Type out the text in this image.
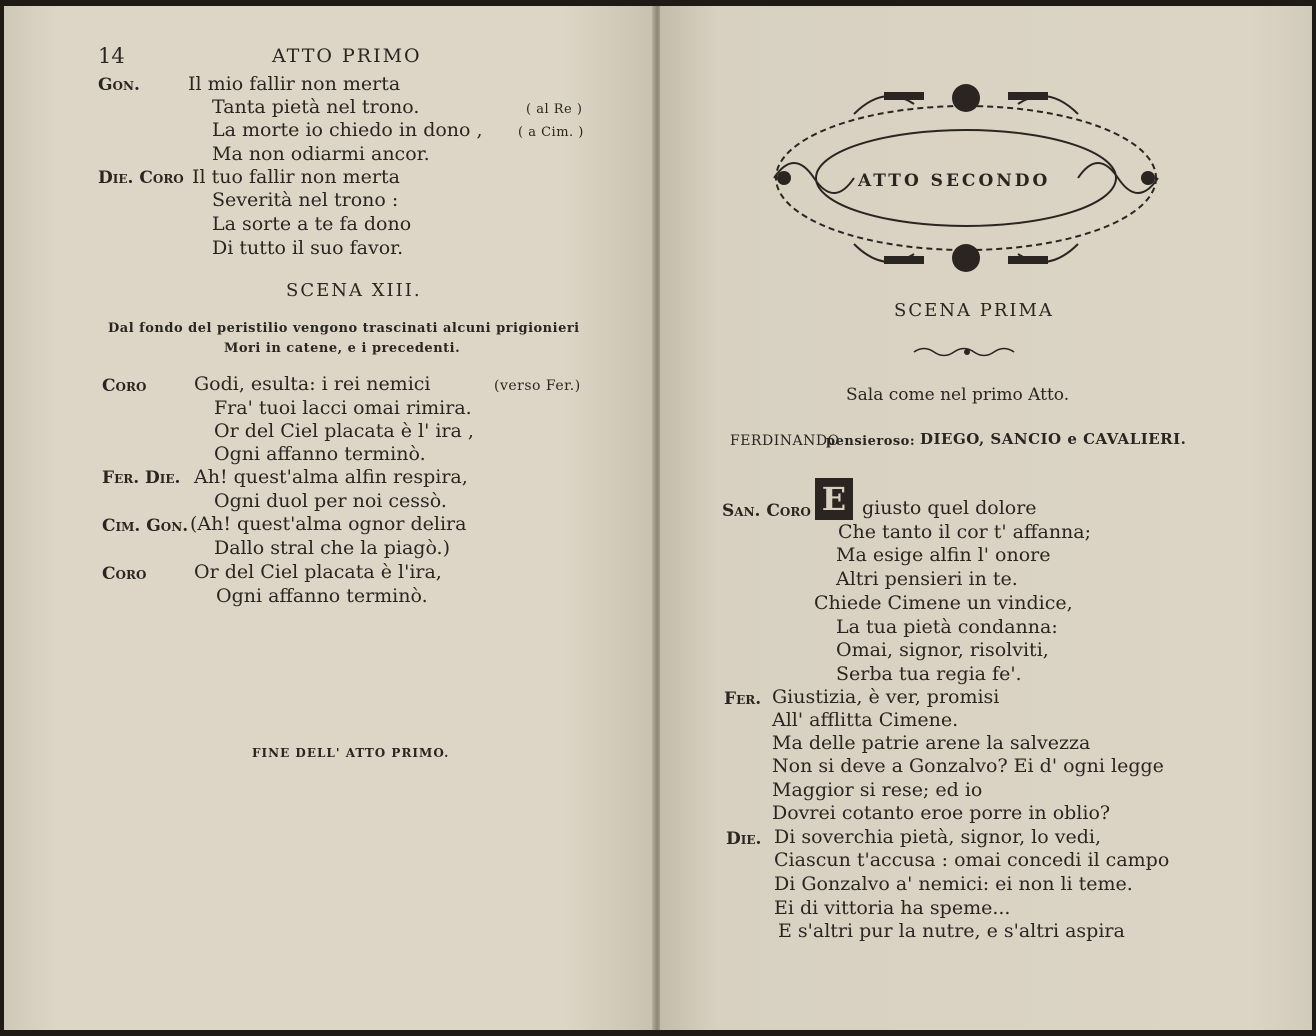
14	ATTO PRIMO
Gon.	Il mio fallir non merta
Tanta pietà nel trono.	( al Re )
La morte io chiedo in dono ,	( a Cim. )
Ma non odiarmi ancor.
Die. Coro Il tuo fallir non merta
Severità nel trono :
La sorte a te fa dono
Di tutto il suo favor.
SCENA XIII.
Dal fondo del peristilio vengono trascinati alcuni prigionieri
Mori in catene, e i precedenti.
Coro	Godi, esulta: i rei nemici	(verso Fer.)
Fra' tuoi lacci omai rimira.
Or del Ciel placata è l' ira ,
Ogni affanno terminò.
Fer. Die. Ah! quest'alma alfin respira,
Ogni duol per noi cessò.
Cim. Gon. (Ah! quest'alma ognor delira
Dallo stral che la piagò.)
Coro	Or del Ciel placata è l'ira,
Ogni affanno terminò.
FINE DELL' ATTO PRIMO.
ATTO SECONDO
SCENA PRIMA
Sala come nel primo Atto.
FERDINANDO
pensieroso: DIEGO, SANCIO e CAVALIERI.
San. Coro E giusto quel dolore
Che tanto il cor t' affanna;
Ma esige alfin l' onore
Altri pensieri in te.
Chiede Cimene un vindice,
La tua pietà condanna:
Omai, signor, risolviti,
Serba tua regia fe'.
Fer. Giustizia, è ver, promisi
All' afflitta Cimene.
Ma delle patrie arene la salvezza
Non si deve a Gonzalvo? Ei d' ogni legge
Maggior si rese; ed io
Dovrei cotanto eroe porre in oblio?
Die. Di soverchia pietà, signor, lo vedi,
Ciascun t'accusa : omai concedi il campo
Di Gonzalvo a' nemici: ei non li teme.
Ei di vittoria ha speme...
E s'altri pur la nutre, e s'altri aspira
